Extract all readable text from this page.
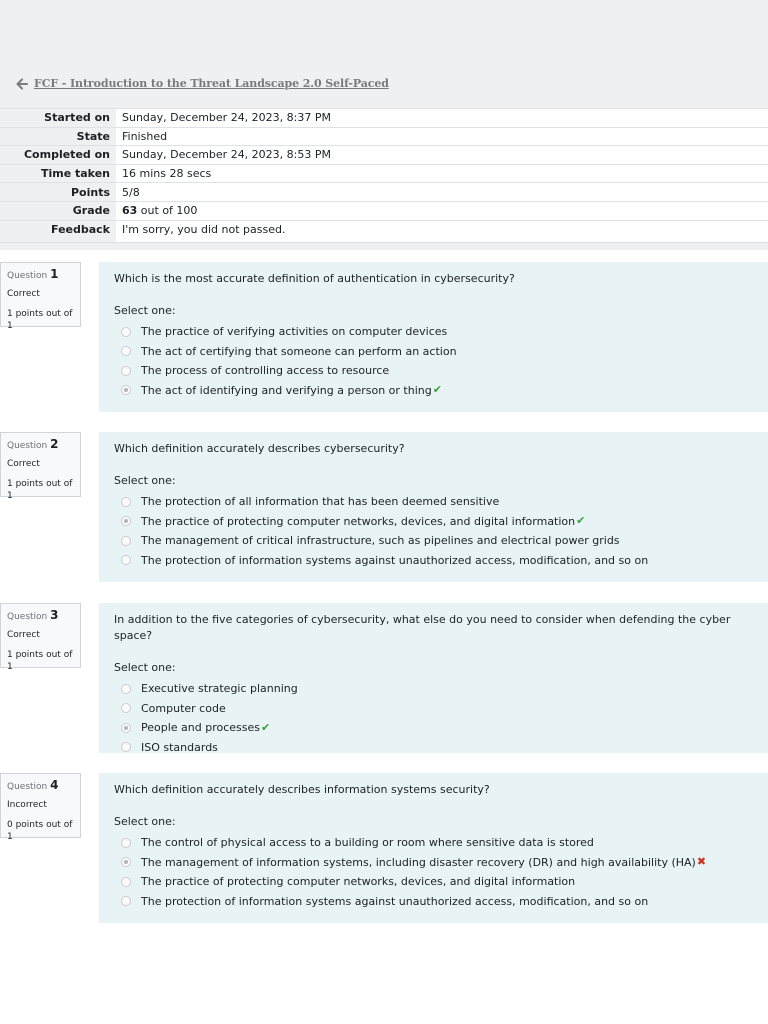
FCF - Introduction to the Threat Landscape 2.0 Self-Paced
Started on	Sunday, December 24, 2023, 8:37 PM
State	Finished
Completed on	Sunday, December 24, 2023, 8:53 PM
Time taken	16 mins 28 secs
Points	5/8
Grade	63 out of 100
Feedback	I'm sorry, you did not passed.
Question 1
Correct
1 points out of 1
Which is the most accurate definition of authentication in cybersecurity?
Select one:
The practice of verifying activities on computer devices
The act of certifying that someone can perform an action
The process of controlling access to resource
The act of identifying and verifying a person or thing ✔
Question 2
Correct
1 points out of 1
Which definition accurately describes cybersecurity?
Select one:
The protection of all information that has been deemed sensitive
The practice of protecting computer networks, devices, and digital information ✔
The management of critical infrastructure, such as pipelines and electrical power grids
The protection of information systems against unauthorized access, modification, and so on
Question 3
Correct
1 points out of 1
In addition to the five categories of cybersecurity, what else do you need to consider when defending the cyber space?
Select one:
Executive strategic planning
Computer code
People and processes ✔
ISO standards
Question 4
Incorrect
0 points out of 1
Which definition accurately describes information systems security?
Select one:
The control of physical access to a building or room where sensitive data is stored
The management of information systems, including disaster recovery (DR) and high availability (HA) ✖
The practice of protecting computer networks, devices, and digital information
The protection of information systems against unauthorized access, modification, and so on
